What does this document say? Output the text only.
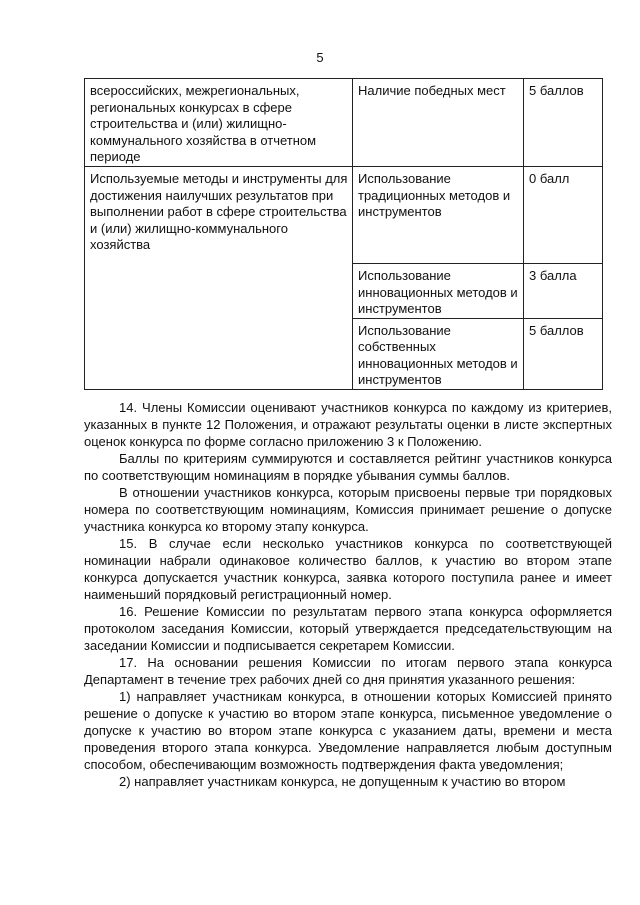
5
всероссийских, межрегиональных, региональных конкурсах в сфере строительства и (или) жилищно-коммунального хозяйства в отчетном периоде	Наличие победных мест	5 баллов
Используемые методы и инструменты для достижения наилучших результатов при выполнении работ в сфере строительства и (или) жилищно-коммунального хозяйства	Использование традиционных методов и инструментов	0 балл
	Использование инновационных методов и инструментов	3 балла
	Использование собственных инновационных методов и инструментов	5 баллов

14. Члены Комиссии оценивают участников конкурса по каждому из критериев, указанных в пункте 12 Положения, и отражают результаты оценки в листе экспертных оценок конкурса по форме согласно приложению 3 к Положению.

Баллы по критериям суммируются и составляется рейтинг участников конкурса по соответствующим номинациям в порядке убывания суммы баллов.

В отношении участников конкурса, которым присвоены первые три порядковых номера по соответствующим номинациям, Комиссия принимает решение о допуске участника конкурса ко второму этапу конкурса.

15. В случае если несколько участников конкурса по соответствующей номинации набрали одинаковое количество баллов, к участию во втором этапе конкурса допускается участник конкурса, заявка которого поступила ранее и имеет наименьший порядковый регистрационный номер.

16. Решение Комиссии по результатам первого этапа конкурса оформляется протоколом заседания Комиссии, который утверждается председательствующим на заседании Комиссии и подписывается секретарем Комиссии.

17. На основании решения Комиссии по итогам первого этапа конкурса Департамент в течение трех рабочих дней со дня принятия указанного решения:

1) направляет участникам конкурса, в отношении которых Комиссией принято решение о допуске к участию во втором этапе конкурса, письменное уведомление о допуске к участию во втором этапе конкурса с указанием даты, времени и места проведения второго этапа конкурса. Уведомление направляется любым доступным способом, обеспечивающим возможность подтверждения факта уведомления;

2) направляет участникам конкурса, не допущенным к участию во втором
